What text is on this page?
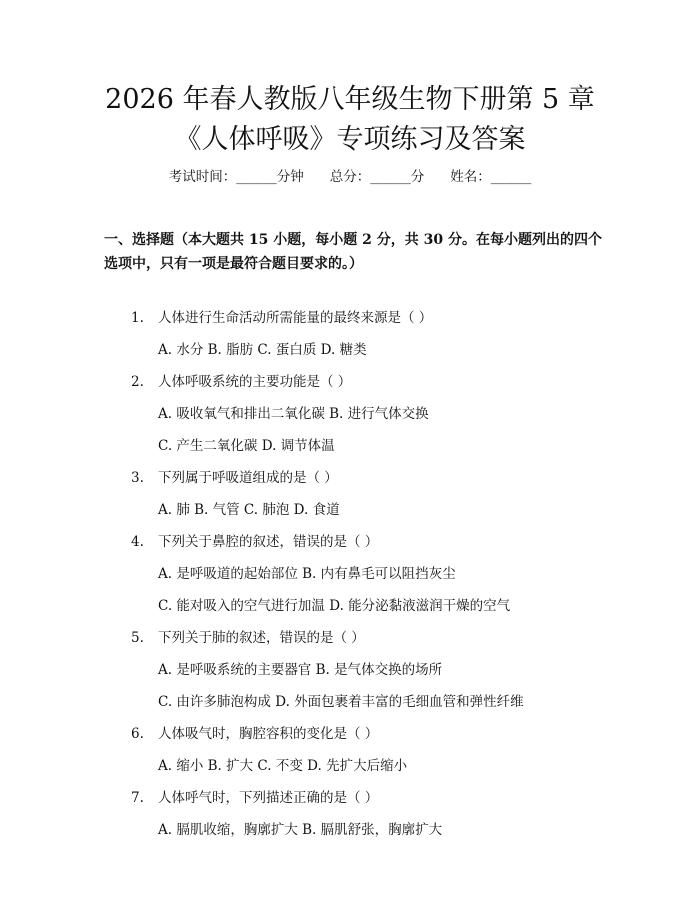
2026 年春人教版八年级生物下册第 5 章《人体呼吸》专项练习及答案
考试时间：______分钟 总分：______分 姓名：______
一、选择题（本大题共 15 小题，每小题 2 分，共 30 分。在每小题列出的四个选项中，只有一项是最符合题目要求的。）
1. 人体进行生命活动所需能量的最终来源是（ ）
A. 水分 B. 脂肪 C. 蛋白质 D. 糖类
2. 人体呼吸系统的主要功能是（ ）
A. 吸收氧气和排出二氧化碳 B. 进行气体交换
C. 产生二氧化碳 D. 调节体温
3. 下列属于呼吸道组成的是（ ）
A. 肺 B. 气管 C. 肺泡 D. 食道
4. 下列关于鼻腔的叙述，错误的是（ ）
A. 是呼吸道的起始部位 B. 内有鼻毛可以阻挡灰尘
C. 能对吸入的空气进行加温 D. 能分泌黏液滋润干燥的空气
5. 下列关于肺的叙述，错误的是（ ）
A. 是呼吸系统的主要器官 B. 是气体交换的场所
C. 由许多肺泡构成 D. 外面包裹着丰富的毛细血管和弹性纤维
6. 人体吸气时，胸腔容积的变化是（ ）
A. 缩小 B. 扩大 C. 不变 D. 先扩大后缩小
7. 人体呼气时，下列描述正确的是（ ）
A. 膈肌收缩，胸廓扩大 B. 膈肌舒张，胸廓扩大
